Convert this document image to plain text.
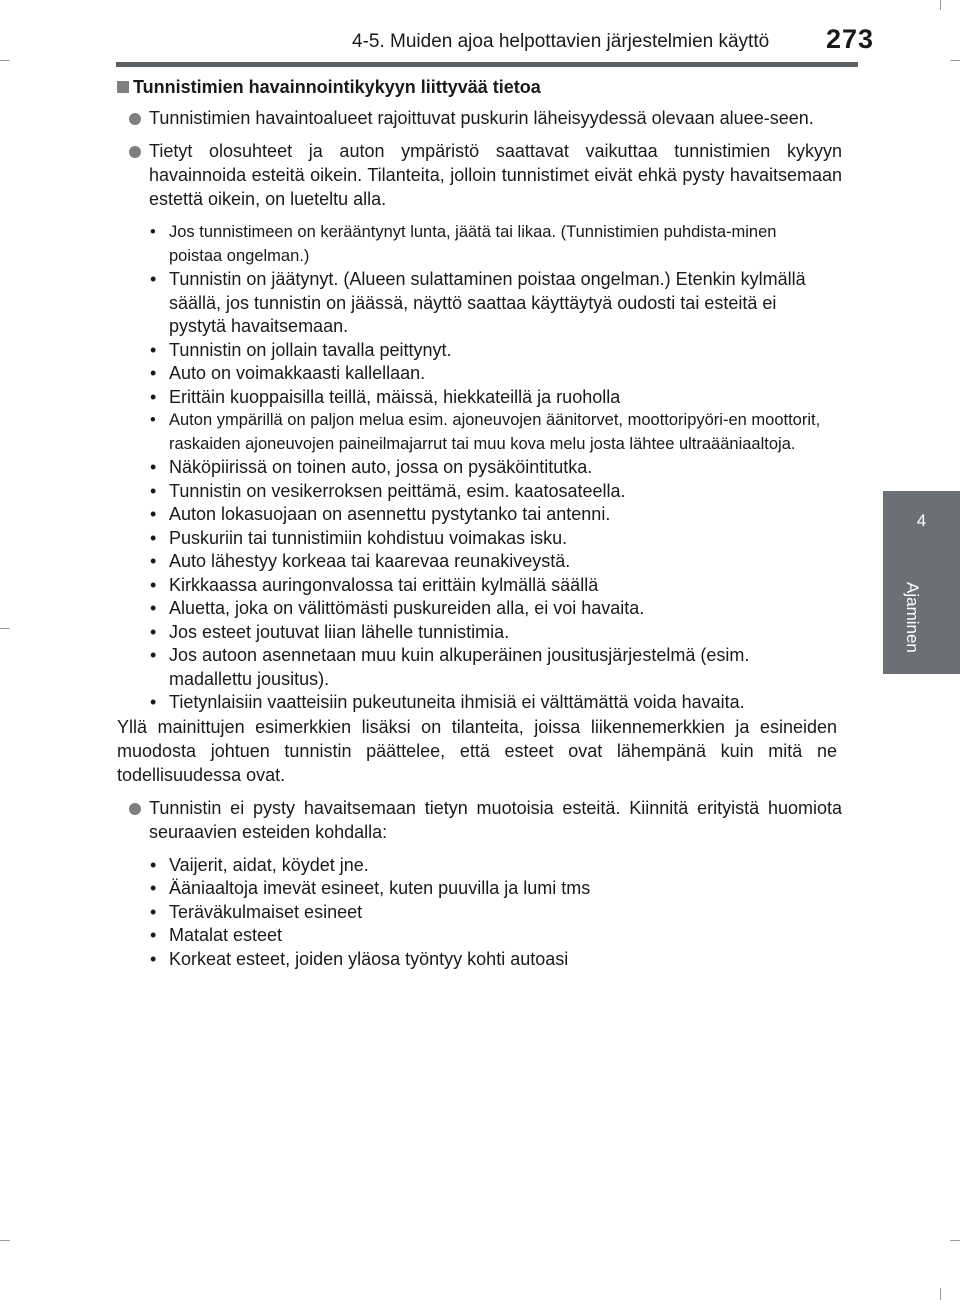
4-5. Muiden ajoa helpottavien järjestelmien käyttö 273
4
Ajaminen
Tunnistimien havainnointikykyyn liittyvää tietoa
Tunnistimien havaintoalueet rajoittuvat puskurin läheisyydessä olevaan aluee-seen.
Tietyt olosuhteet ja auton ympäristö saattavat vaikuttaa tunnistimien kykyyn havainnoida esteitä oikein. Tilanteita, jolloin tunnistimet eivät ehkä pysty havaitsemaan estettä oikein, on lueteltu alla.
• Jos tunnistimeen on kerääntynyt lunta, jäätä tai likaa. (Tunnistimien puhdista-minen poistaa ongelman.)
• Tunnistin on jäätynyt. (Alueen sulattaminen poistaa ongelman.) Etenkin kylmällä säällä, jos tunnistin on jäässä, näyttö saattaa käyttäytyä oudosti tai esteitä ei pystytä havaitsemaan.
• Tunnistin on jollain tavalla peittynyt.
• Auto on voimakkaasti kallellaan.
• Erittäin kuoppaisilla teillä, mäissä, hiekkateillä ja ruoholla
• Auton ympärillä on paljon melua esim. ajoneuvojen äänitorvet, moottoripyöri-en moottorit, raskaiden ajoneuvojen paineilmajarrut tai muu kova melu josta lähtee ultraääniaaltoja.
• Näköpiirissä on toinen auto, jossa on pysäköintitutka.
• Tunnistin on vesikerroksen peittämä, esim. kaatosateella.
• Auton lokasuojaan on asennettu pystytanko tai antenni.
• Puskuriin tai tunnistimiin kohdistuu voimakas isku.
• Auto lähestyy korkeaa tai kaarevaa reunakiveystä.
• Kirkkaassa auringonvalossa tai erittäin kylmällä säällä
• Aluetta, joka on välittömästi puskureiden alla, ei voi havaita.
• Jos esteet joutuvat liian lähelle tunnistimia.
• Jos autoon asennetaan muu kuin alkuperäinen jousitusjärjestelmä (esim. madallettu jousitus).
• Tietynlaisiin vaatteisiin pukeutuneita ihmisiä ei välttämättä voida havaita.
Yllä mainittujen esimerkkien lisäksi on tilanteita, joissa liikennemerkkien ja esineiden muodosta johtuen tunnistin päättelee, että esteet ovat lähempänä kuin mitä ne todellisuudessa ovat.
Tunnistin ei pysty havaitsemaan tietyn muotoisia esteitä. Kiinnitä erityistä huomiota seuraavien esteiden kohdalla:
• Vaijerit, aidat, köydet jne.
• Ääniaaltoja imevät esineet, kuten puuvilla ja lumi tms
• Teräväkulmaiset esineet
• Matalat esteet
• Korkeat esteet, joiden yläosa työntyy kohti autoasi
